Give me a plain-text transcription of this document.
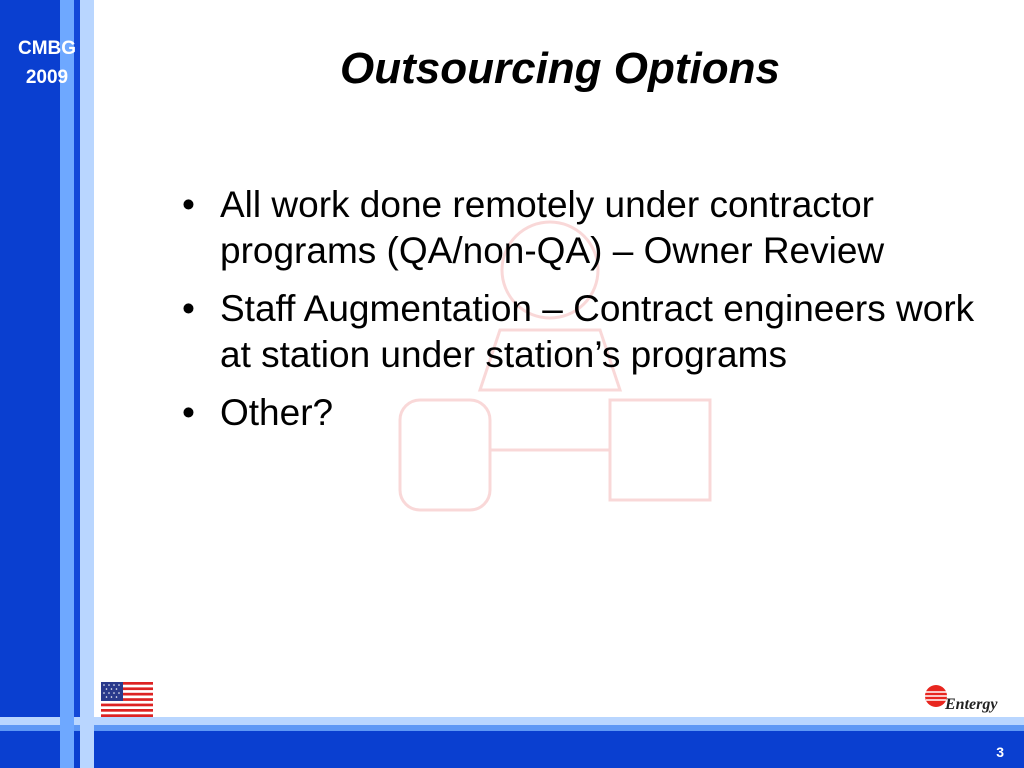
CMBG
2009	Outsourcing Options
• All work done remotely under contractor programs (QA/non-QA) – Owner Review
• Staff Augmentation – Contract engineers work at station under station’s programs
• Other?
Entergy
3
